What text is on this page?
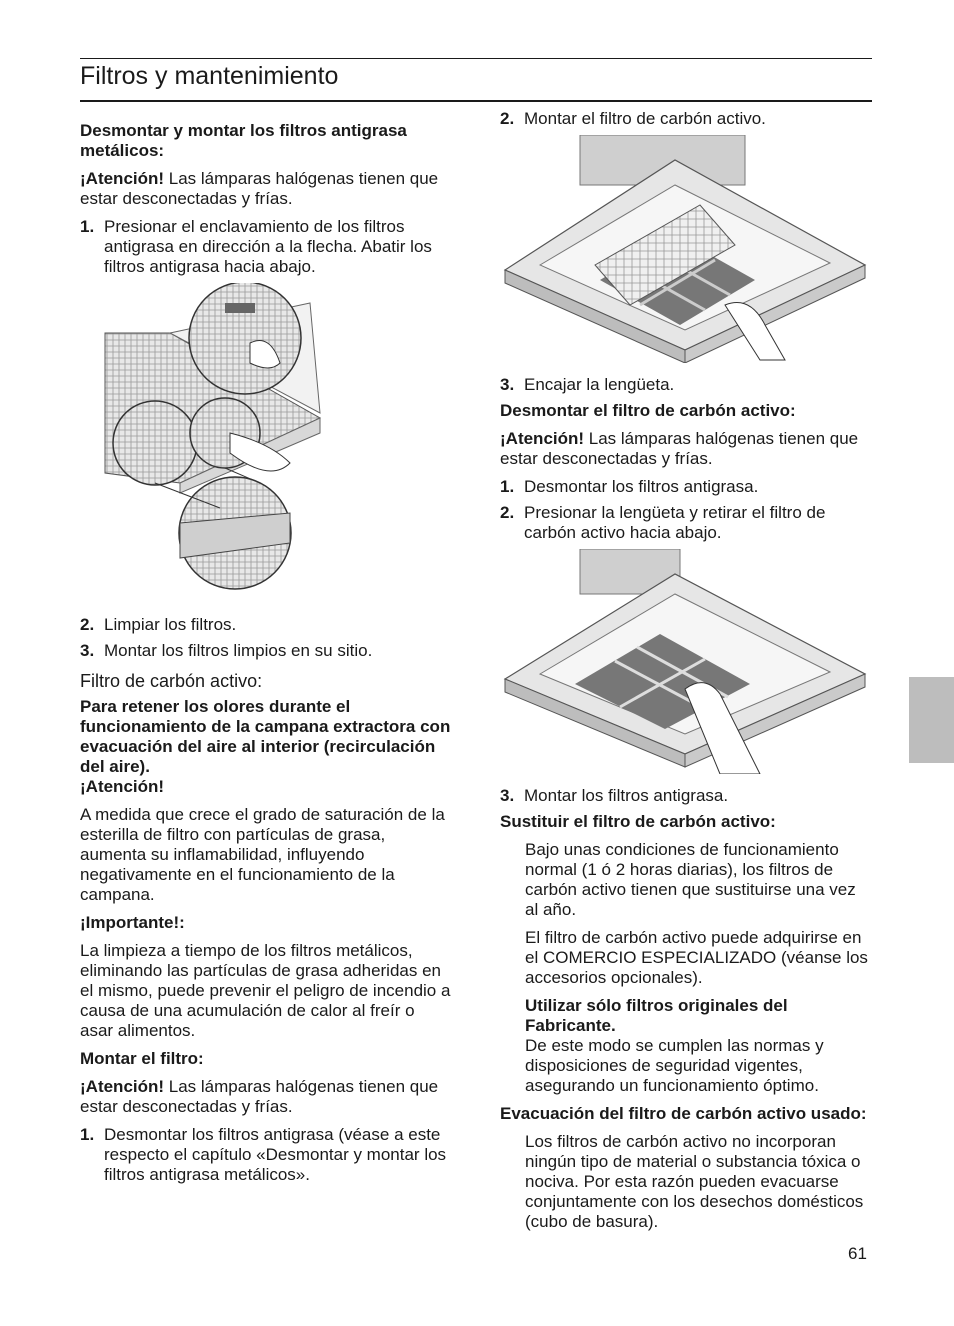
Filtros y mantenimiento

Desmontar y montar los filtros antigrasa metálicos:

¡Atención! Las lámparas halógenas tienen que estar desconectadas y frías.

1. Presionar el enclavamiento de los filtros antigrasa en dirección a la flecha. Abatir los filtros antigrasa hacia abajo.
2. Limpiar los filtros.
3. Montar los filtros limpios en su sitio.

Filtro de carbón activo:

Para retener los olores durante el funcionamiento de la campana extractora con evacuación del aire al interior (recirculación del aire).

¡Atención!

A medida que crece el grado de saturación de la esterilla de filtro con partículas de grasa, aumenta su inflamabilidad, influyendo negativamente en el funcionamiento de la campana.

¡Importante!:

La limpieza a tiempo de los filtros metálicos, eliminando las partículas de grasa adheridas en el mismo, puede prevenir el peligro de incendio a causa de una acumulación de calor al freír o asar alimentos.

Montar el filtro:

¡Atención! Las lámparas halógenas tienen que estar desconectadas y frías.

1. Desmontar los filtros antigrasa (véase a este respecto el capítulo «Desmontar y montar los filtros antigrasa metálicos».
2. Montar el filtro de carbón activo.
3. Encajar la lengüeta.

Desmontar el filtro de carbón activo:

¡Atención! Las lámparas halógenas tienen que estar desconectadas y frías.

1. Desmontar los filtros antigrasa.
2. Presionar la lengüeta y retirar el filtro de carbón activo hacia abajo.
3. Montar los filtros antigrasa.

Sustituir el filtro de carbón activo:

Bajo unas condiciones de funcionamiento normal (1 ó 2 horas diarias), los filtros de carbón activo tienen que sustituirse una vez al año.

El filtro de carbón activo puede adquirirse en el COMERCIO ESPECIALIZADO (véanse los accesorios opcionales).

Utilizar sólo filtros originales del Fabricante.
De este modo se cumplen las normas y disposiciones de seguridad vigentes, asegurando un funcionamiento óptimo.

Evacuación del filtro de carbón activo usado:

Los filtros de carbón activo no incorporan ningún tipo de material o substancia tóxica o nociva. Por esta razón pueden evacuarse conjuntamente con los desechos domésticos (cubo de basura).

61
